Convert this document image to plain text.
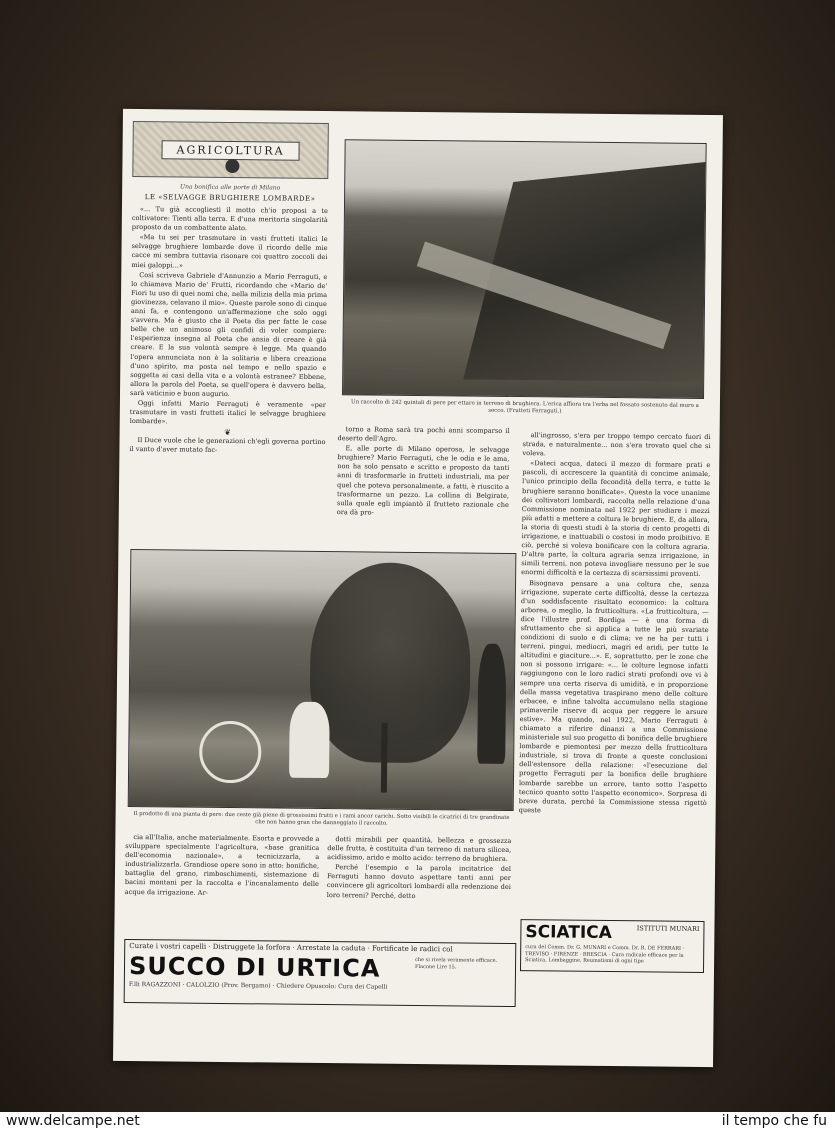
AGRICOLTURA
Una bonifica alle porte di Milano
LE «SELVAGGE BRUGHIERE LOMBARDE»

«... Tu già accogliesti il motto ch'io proposi a te coltivatore: Tienti alla terra. E d'una meritoria singolarità proposto da un combattente alato.

«Ma tu sei per trasmutare in vasti frutteti italici le selvagge brughiere lombarde dove il ricordo delle mie cacce mi sembra tuttavia risonare coi quattro zoccoli dei miei galoppi...»

Così scriveva Gabriele d'Annunzio a Mario Ferraguti, e lo chiamava Mario de' Frutti, ricordando che «Mario de' Fiori tu uso di quei nomi che, nella milizia della mia prima giovinezza, celavano il mio». Queste parole sono di cinque anni fa, e contengono un'affermazione che solo oggi s'avvera. Ma è giusto che il Poeta dia per fatte le cose belle che un animoso gli confidi di voler compiere: l'esperienza insegna al Poeta che ansia di creare è già creare. E la sua volontà sempre è legge. Ma quando l'opera annunciata non è la solitaria e libera creazione d'uno spirito, ma posta nel tempo e nello spazio e soggetta ai casi della vita e a volontà estranee? Ebbene, allora la parola del Poeta, se quell'opera è davvero bella, sarà vaticinio e buon augurio.

Oggi infatti Mario Ferraguti è veramente «per trasmutare in vasti frutteti italici le selvagge brughiere lombarde».

❦

Il Duce vuole che le generazioni ch'egli governa portino il vanto d'aver mutato fac-

Un raccolto di 242 quintali di pere per ettaro in terreno di brughiera. L'erica affiora tra l'erba nel fossato sostenuto dal muro a secco. (Frutteti Ferraguti.)

torno a Roma sarà tra pochi anni scomparso il deserto dell'Agro.

E, alle porte di Milano operosa, le selvagge brughiere? Mario Ferraguti, che le odia e le ama, non ha solo pensato e scritto e proposto da tanti anni di trasformarle in frutteti industriali, ma per quel che poteva personalmente, a fatti, è riuscito a trasformarne un pezzo. La collina di Belgirate, sulla quale egli impiantò il frutteto razionale che ora dà pro-

all'ingrosso, s'era per troppo tempo cercato fuori di strada, e naturalmente... non s'era trovato quel che si voleva.

«Dateci acqua, dateci il mezzo di formare prati e pascoli, di accrescere la quantità di concime animale, l'unico principio della fecondità della terra, e tutte le brughiere saranno bonificate». Questa la voce unanime dei coltivatori lombardi, raccolta nella relazione d'una Commissione nominata nel 1922 per studiare i mezzi più adatti a mettere a coltura le brughiere. E, da allora, la storia di questi studi è la storia di cento progetti di irrigazione, e inattuabili o costosi in modo proibitivo. E ciò, perché si voleva bonificare con la coltura agraria. D'altra parte, la coltura agraria senza irrigazione, in simili terreni, non poteva invogliare nessuno per le sue enormi difficoltà e la certezza di scarsissimi proventi.

Bisognava pensare a una coltura che, senza irrigazione, superate certe difficoltà, desse la certezza d'un soddisfacente risultato economico: la coltura arborea, o meglio, la frutticoltura. «La frutticoltura, — dice l'illustre prof. Bordiga — è una forma di sfruttamento che si applica a tutte le più svariate condizioni di suolo e di clima; ve ne ha per tutti i terreni, pingui, mediocri, magri ed aridi, per tutte le altitudini e giaciture...». E, soprattutto, per le zone che non si possono irrigare: «... le colture legnose infatti raggiungono con le loro radici strati profondi ove vi è sempre una certa riserva di umidità, e in proporzione della massa vegetativa traspirano meno delle colture erbacee, e infine talvolta accumulano nella stagione primaverile riserve di acqua per reggere le arsure estive». Ma quando, nel 1922, Mario Ferraguti è chiamato a riferire dinanzi a una Commissione ministeriale sul suo progetto di bonifica delle brughiere lombarde e piemontesi per mezzo della frutticoltura industriale, si trova di fronte a queste conclusioni dell'estensore della relazione: «l'esecuzione del progetto Ferraguti per la bonifica delle brughiere lombarde sarebbe un errore, tanto sotto l'aspetto tecnico quanto sotto l'aspetto economico». Sorpresa di breve durata, perché la Commissione stessa rigettò queste

Il prodotto di una pianta di pere: due ceste già piene di grossissimi frutti e i rami ancor carichi. Sotto visibili le cicatrici di tre grandinate che non hanno gran che danneggiato il raccolto.

cia all'Italia, anche materialmente. Esorta e provvede a sviluppare specialmente l'agricoltura, «base granitica dell'economia nazionale», a tecnicizzarla, a industrializzarla. Grandiose opere sono in atto: bonifiche, battaglia del grano, rimboschimenti, sistemazione di bacini montani per la raccolta e l'incanalamento delle acque da irrigazione. Ar-

dotti mirabili per quantità, bellezza e grossezza delle frutta, è costituita d'un terreno di natura silicea, acidissimo, arido e molto acido: terreno da brughiera.

Perché l'esempio e la parola incitatrice del Ferraguti hanno dovuto aspettare tanti anni per convincere gli agricoltori lombardi alla redenzione dei loro terreni? Perché, detto

Curate i vostri capelli · Distruggete la forfora · Arrestate la caduta · Fortificate le radici col
SUCCO DI URTICA	che si rivela veramente efficace. Flacone Lire 15.
F.lli RAGAZZONI · CALOLZIO (Prov. Bergamo) · Chiedere Opuscolo: Cura dei Capelli
SCIATICA	ISTITUTI MUNARI
cura del Comm. Dr. G. MUNARI e Comm. Dr. R. DE FERRARI · TREVISO · FIRENZE · BRESCIA · Cura radicale efficace per la Sciatica, Lombaggine, Reumatismi di ogni tipo
www.delcampe.net	il tempo che fu
